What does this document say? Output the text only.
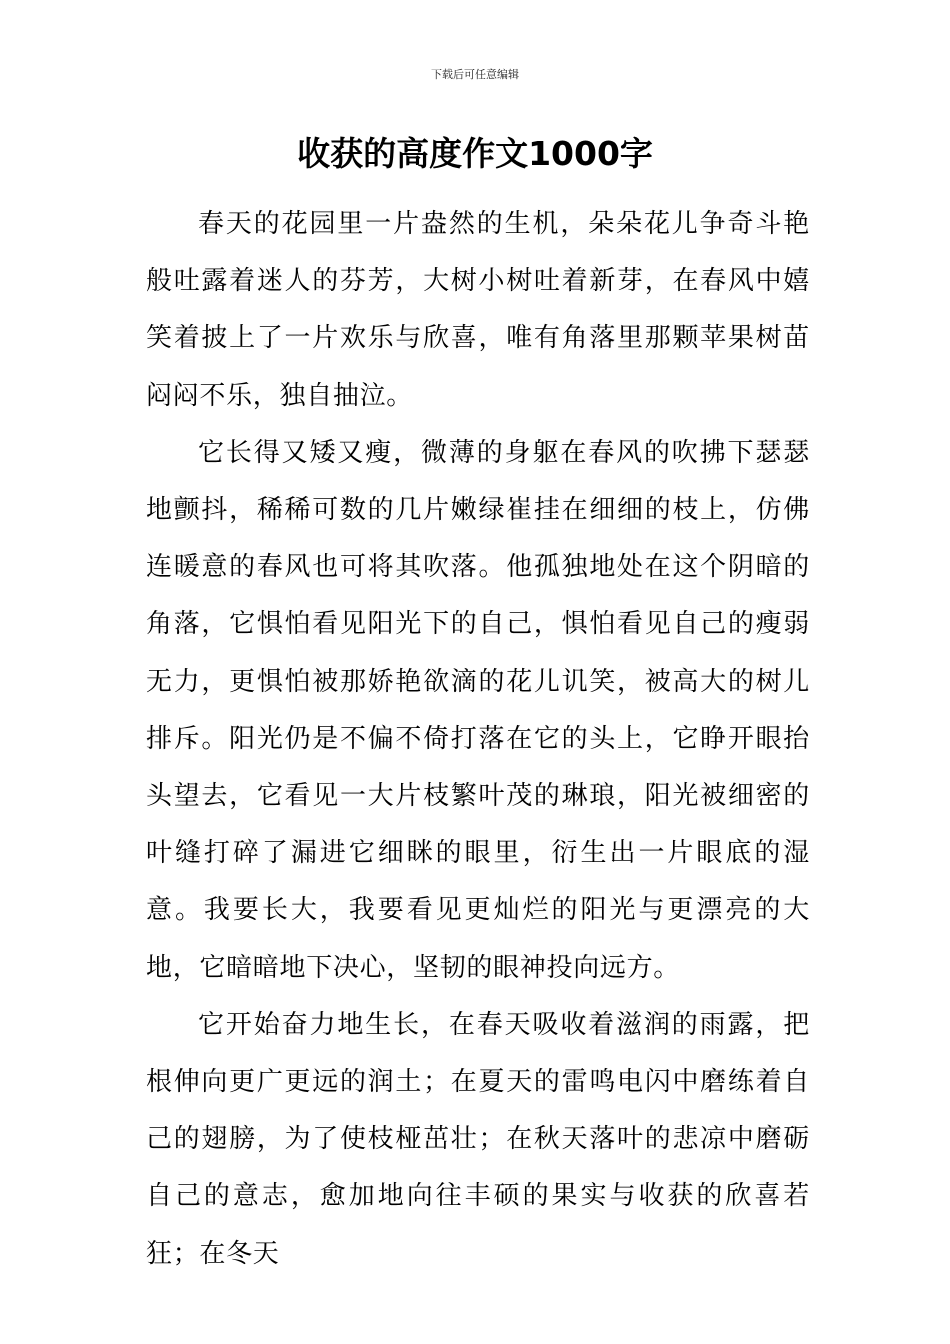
下载后可任意编辑
收获的高度作文1000字

春天的花园里一片盎然的生机，朵朵花儿争奇斗艳般吐露着迷人的芬芳，大树小树吐着新芽，在春风中嬉笑着披上了一片欢乐与欣喜，唯有角落里那颗苹果树苗闷闷不乐，独自抽泣。

它长得又矮又瘦，微薄的身躯在春风的吹拂下瑟瑟地颤抖，稀稀可数的几片嫩绿崔挂在细细的枝上，仿佛连暖意的春风也可将其吹落。他孤独地处在这个阴暗的角落，它惧怕看见阳光下的自己，惧怕看见自己的瘦弱无力，更惧怕被那娇艳欲滴的花儿讥笑，被高大的树儿排斥。阳光仍是不偏不倚打落在它的头上，它睁开眼抬头望去，它看见一大片枝繁叶茂的琳琅，阳光被细密的叶缝打碎了漏进它细眯的眼里，衍生出一片眼底的湿意。我要长大，我要看见更灿烂的阳光与更漂亮的大地，它暗暗地下决心，坚韧的眼神投向远方。

它开始奋力地生长，在春天吸收着滋润的雨露，把根伸向更广更远的润土；在夏天的雷鸣电闪中磨练着自己的翅膀，为了使枝桠茁壮；在秋天落叶的悲凉中磨砺自己的意志，愈加地向往丰硕的果实与收获的欣喜若狂；在冬天
